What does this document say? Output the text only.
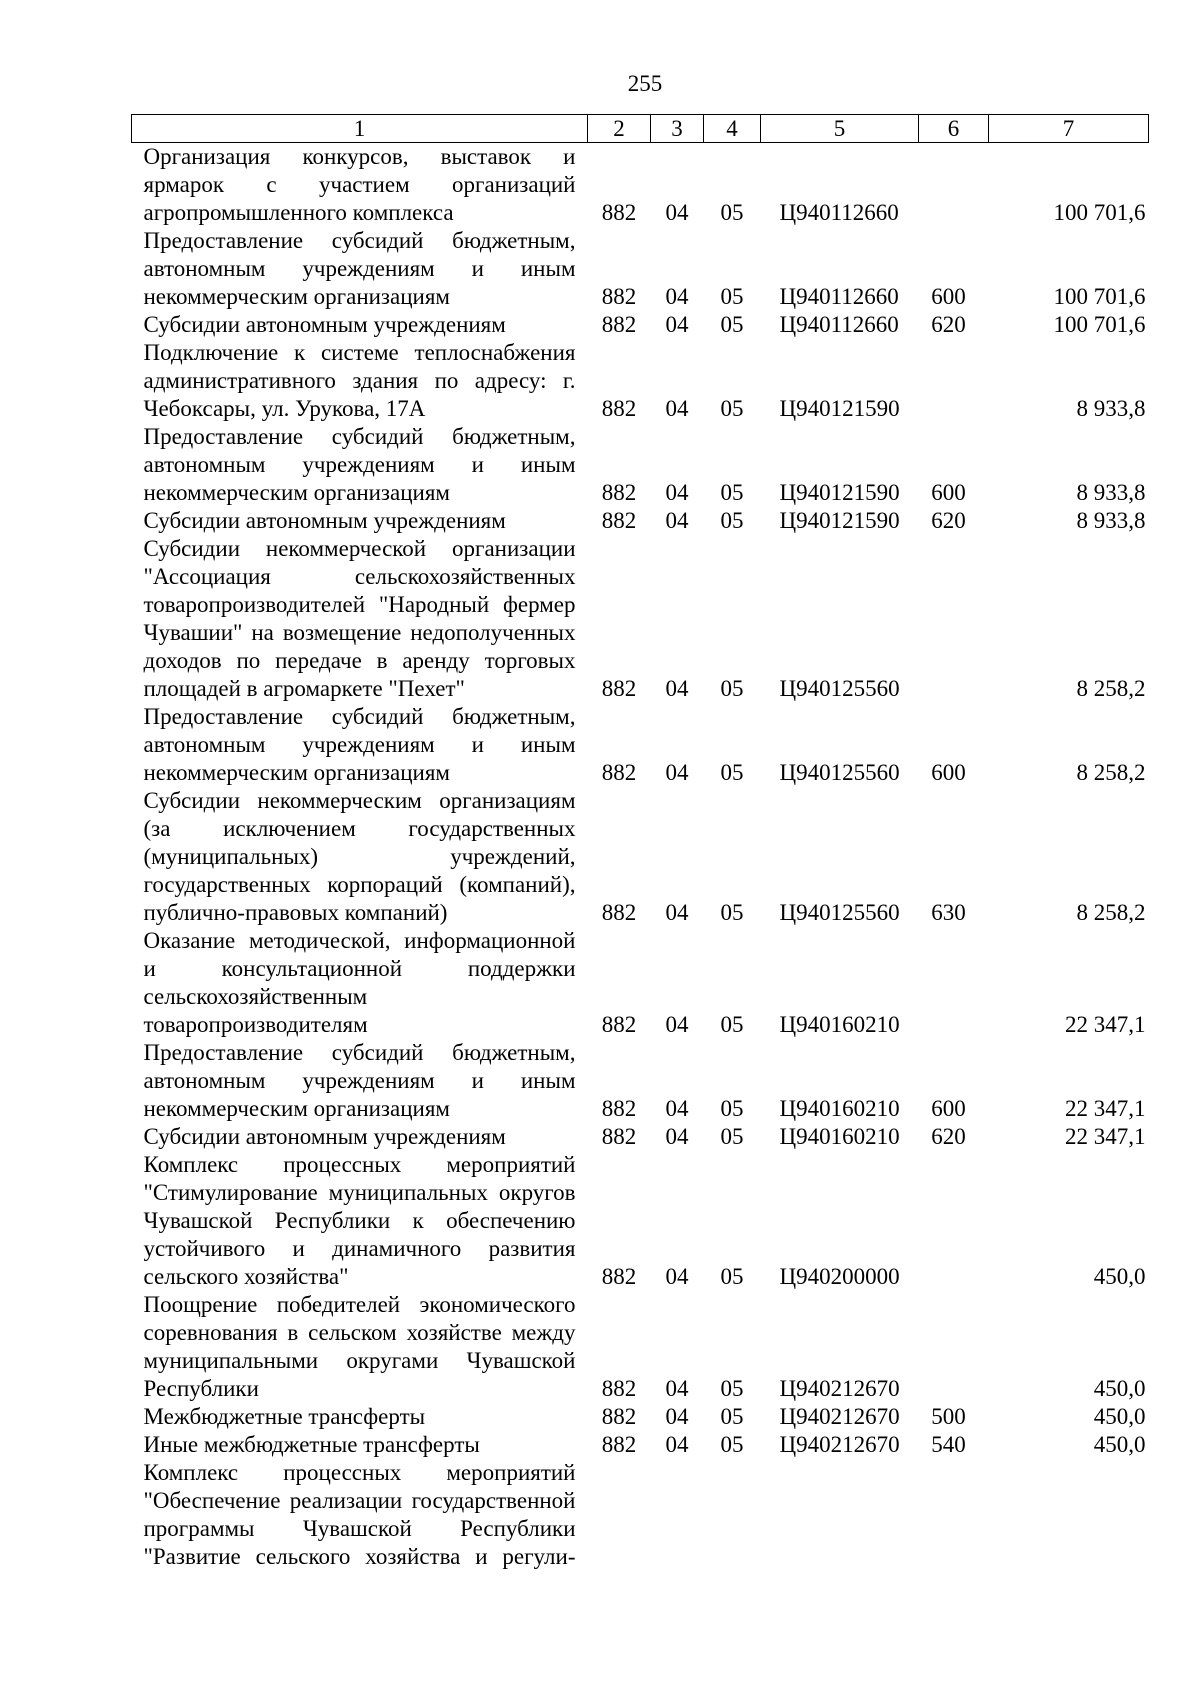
255
1	2	3	4	5	6	7
Организация конкурсов, выставок и ярмарок с участием организаций агропромышленного комплекса	882	04	05	Ц940112660		100 701,6
Предоставление субсидий бюджетным, автономным учреждениям и иным некоммерческим организациям	882	04	05	Ц940112660	600	100 701,6
Субсидии автономным учреждениям	882	04	05	Ц940112660	620	100 701,6
Подключение к системе теплоснабжения административного здания по адресу: г. Чебоксары, ул. Урукова, 17А	882	04	05	Ц940121590		8 933,8
Предоставление субсидий бюджетным, автономным учреждениям и иным некоммерческим организациям	882	04	05	Ц940121590	600	8 933,8
Субсидии автономным учреждениям	882	04	05	Ц940121590	620	8 933,8
Субсидии некоммерческой организации "Ассоциация сельскохозяйственных товаропроизводителей "Народный фермер Чувашии" на возмещение недополученных доходов по передаче в аренду торговых площадей в агромаркете "Пехет"	882	04	05	Ц940125560		8 258,2
Предоставление субсидий бюджетным, автономным учреждениям и иным некоммерческим организациям	882	04	05	Ц940125560	600	8 258,2
Субсидии некоммерческим организациям (за исключением государственных (муниципальных) учреждений, государственных корпораций (компаний), публично-правовых компаний)	882	04	05	Ц940125560	630	8 258,2
Оказание методической, информационной и консультационной поддержки сельскохозяйственным товаропроизводителям	882	04	05	Ц940160210		22 347,1
Предоставление субсидий бюджетным, автономным учреждениям и иным некоммерческим организациям	882	04	05	Ц940160210	600	22 347,1
Субсидии автономным учреждениям	882	04	05	Ц940160210	620	22 347,1
Комплекс процессных мероприятий "Стимулирование муниципальных округов Чувашской Республики к обеспечению устойчивого и динамичного развития сельского хозяйства"	882	04	05	Ц940200000		450,0
Поощрение победителей экономического соревнования в сельском хозяйстве между муниципальными округами Чувашской Республики	882	04	05	Ц940212670		450,0
Межбюджетные трансферты	882	04	05	Ц940212670	500	450,0
Иные межбюджетные трансферты	882	04	05	Ц940212670	540	450,0
Комплекс процессных мероприятий "Обеспечение реализации государственной программы Чувашской Республики "Развитие сельского хозяйства и регули-						
